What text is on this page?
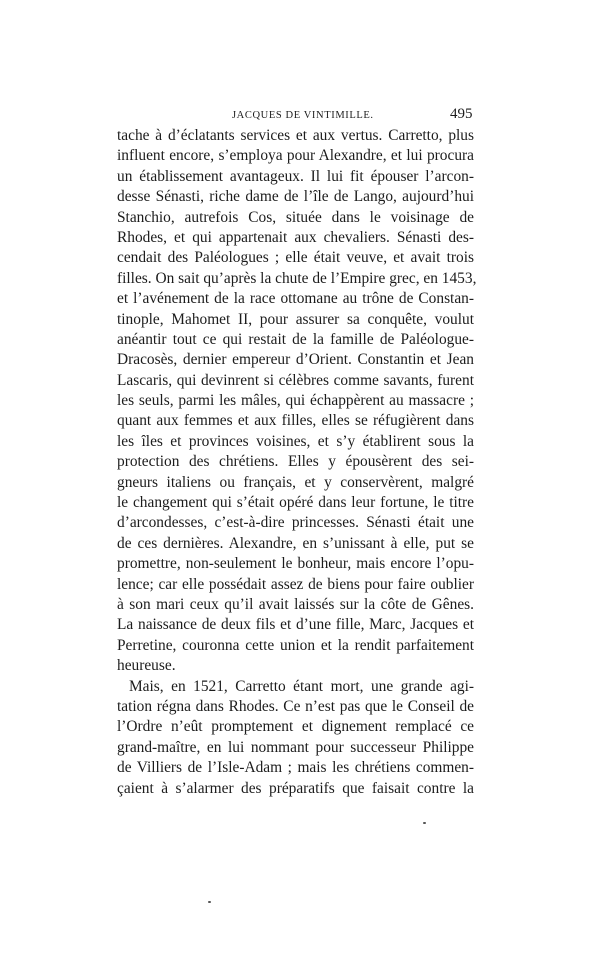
JACQUES DE VINTIMILLE.	495
tache à d’éclatants services et aux vertus. Carretto, plus
influent encore, s’employa pour Alexandre, et lui procura
un établissement avantageux. Il lui fit épouser l’arcon-
desse Sénasti, riche dame de l’île de Lango, aujourd’hui
Stanchio, autrefois Cos, située dans le voisinage de
Rhodes, et qui appartenait aux chevaliers. Sénasti des-
cendait des Paléologues ; elle était veuve, et avait trois
filles. On sait qu’après la chute de l’Empire grec, en 1453,
et l’avénement de la race ottomane au trône de Constan-
tinople, Mahomet II, pour assurer sa conquête, voulut
anéantir tout ce qui restait de la famille de Paléologue-
Dracosès, dernier empereur d’Orient. Constantin et Jean
Lascaris, qui devinrent si célèbres comme savants, furent
les seuls, parmi les mâles, qui échappèrent au massacre ;
quant aux femmes et aux filles, elles se réfugièrent dans
les îles et provinces voisines, et s’y établirent sous la
protection des chrétiens. Elles y épousèrent des sei-
gneurs italiens ou français, et y conservèrent, malgré
le changement qui s’était opéré dans leur fortune, le titre
d’arcondesses, c’est-à-dire princesses. Sénasti était une
de ces dernières. Alexandre, en s’unissant à elle, put se
promettre, non-seulement le bonheur, mais encore l’opu-
lence; car elle possédait assez de biens pour faire oublier
à son mari ceux qu’il avait laissés sur la côte de Gênes.
La naissance de deux fils et d’une fille, Marc, Jacques et
Perretine, couronna cette union et la rendit parfaitement
heureuse.
Mais, en 1521, Carretto étant mort, une grande agi-
tation régna dans Rhodes. Ce n’est pas que le Conseil de
l’Ordre n’eût promptement et dignement remplacé ce
grand-maître, en lui nommant pour successeur Philippe
de Villiers de l’Isle-Adam ; mais les chrétiens commen-
çaient à s’alarmer des préparatifs que faisait contre la
